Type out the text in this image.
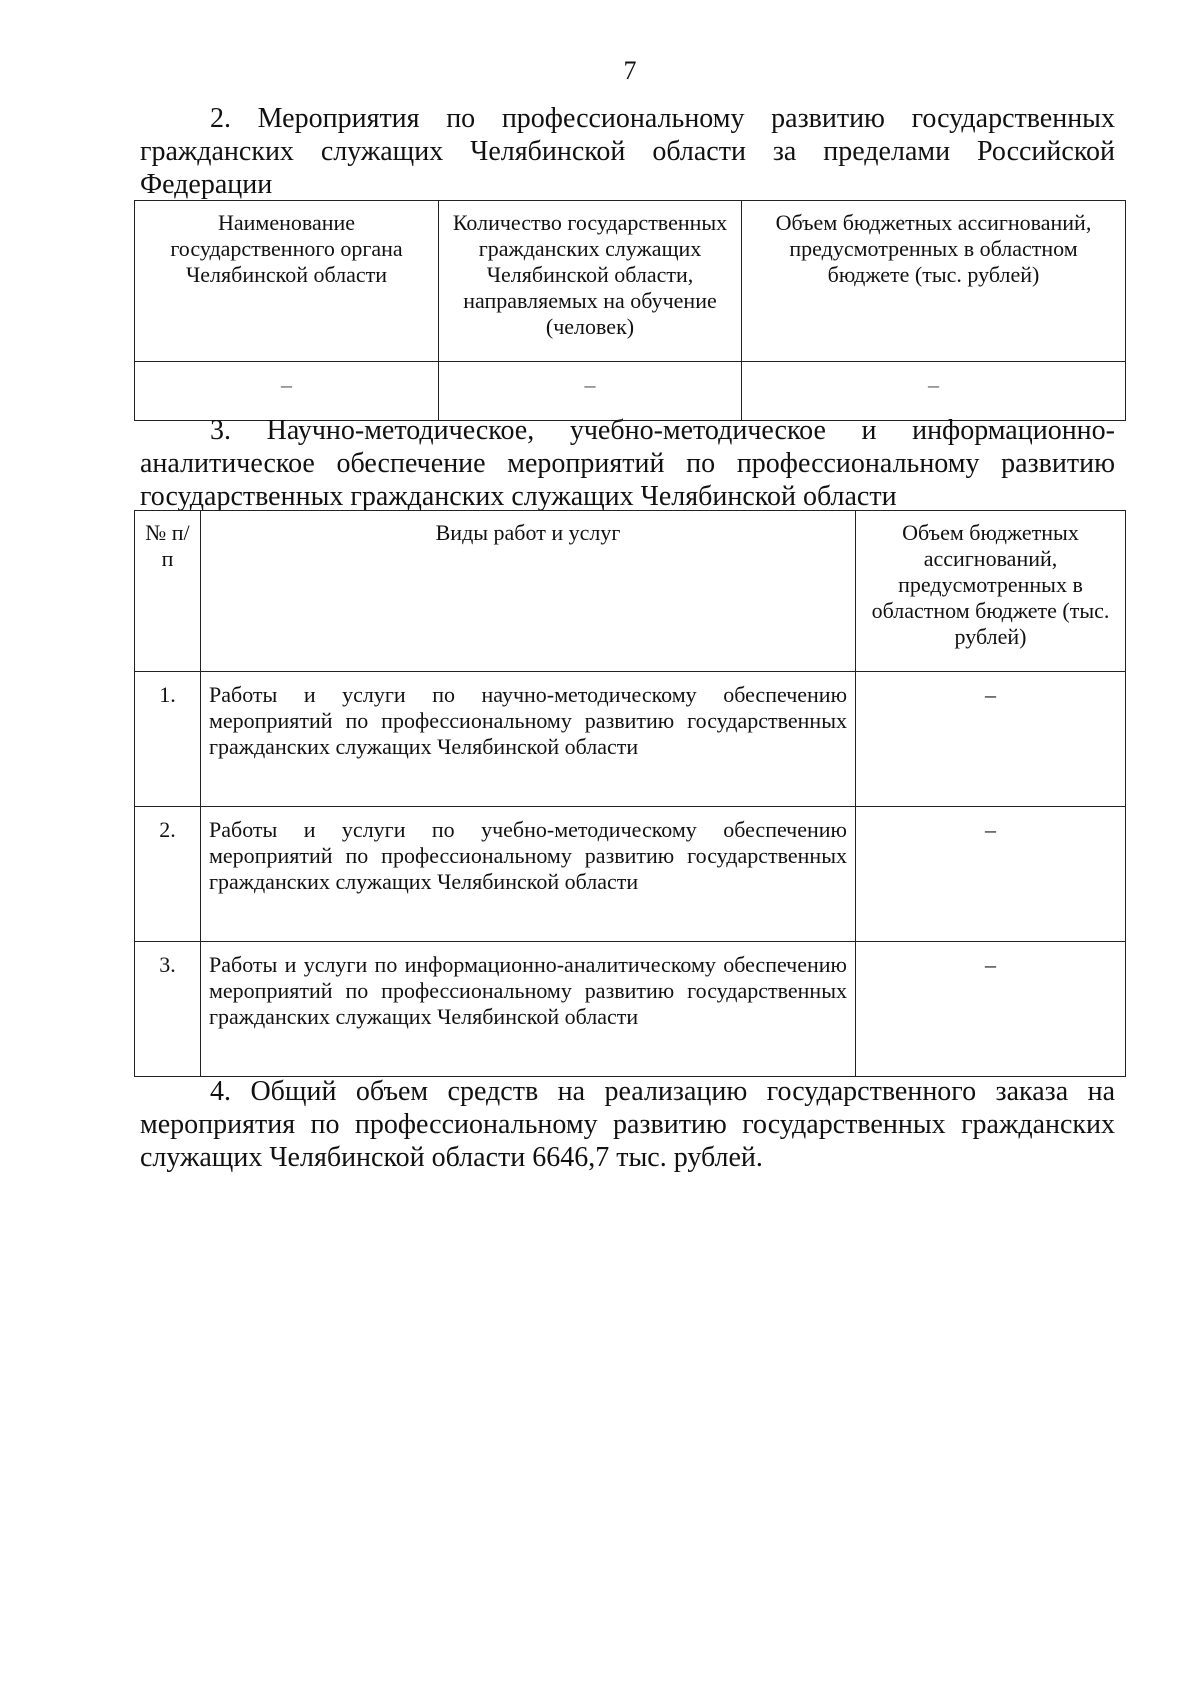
7

2. Мероприятия по профессиональному развитию государственных гражданских служащих Челябинской области за пределами Российской Федерации

Наименование государственного органа Челябинской области	Количество государственных гражданских служащих Челябинской области, направляемых на обучение (человек)	Объем бюджетных ассигнований, предусмотренных в областном бюджете (тыс. рублей)
–	–	–

3. Научно-методическое, учебно-методическое и информационно-аналитическое обеспечение мероприятий по профессиональному развитию государственных гражданских служащих Челябинской области

№ п/п	Виды работ и услуг	Объем бюджетных ассигнований, предусмотренных в областном бюджете (тыс. рублей)
1.	Работы и услуги по научно-методическому обеспечению мероприятий по профессиональному развитию государственных гражданских служащих Челябинской области	–
2.	Работы и услуги по учебно-методическому обеспечению мероприятий по профессиональному развитию государственных гражданских служащих Челябинской области	–
3.	Работы и услуги по информационно-аналитическому обеспечению мероприятий по профессиональному развитию государственных гражданских служащих Челябинской области	–

4. Общий объем средств на реализацию государственного заказа на мероприятия по профессиональному развитию государственных гражданских служащих Челябинской области 6646,7 тыс. рублей.
